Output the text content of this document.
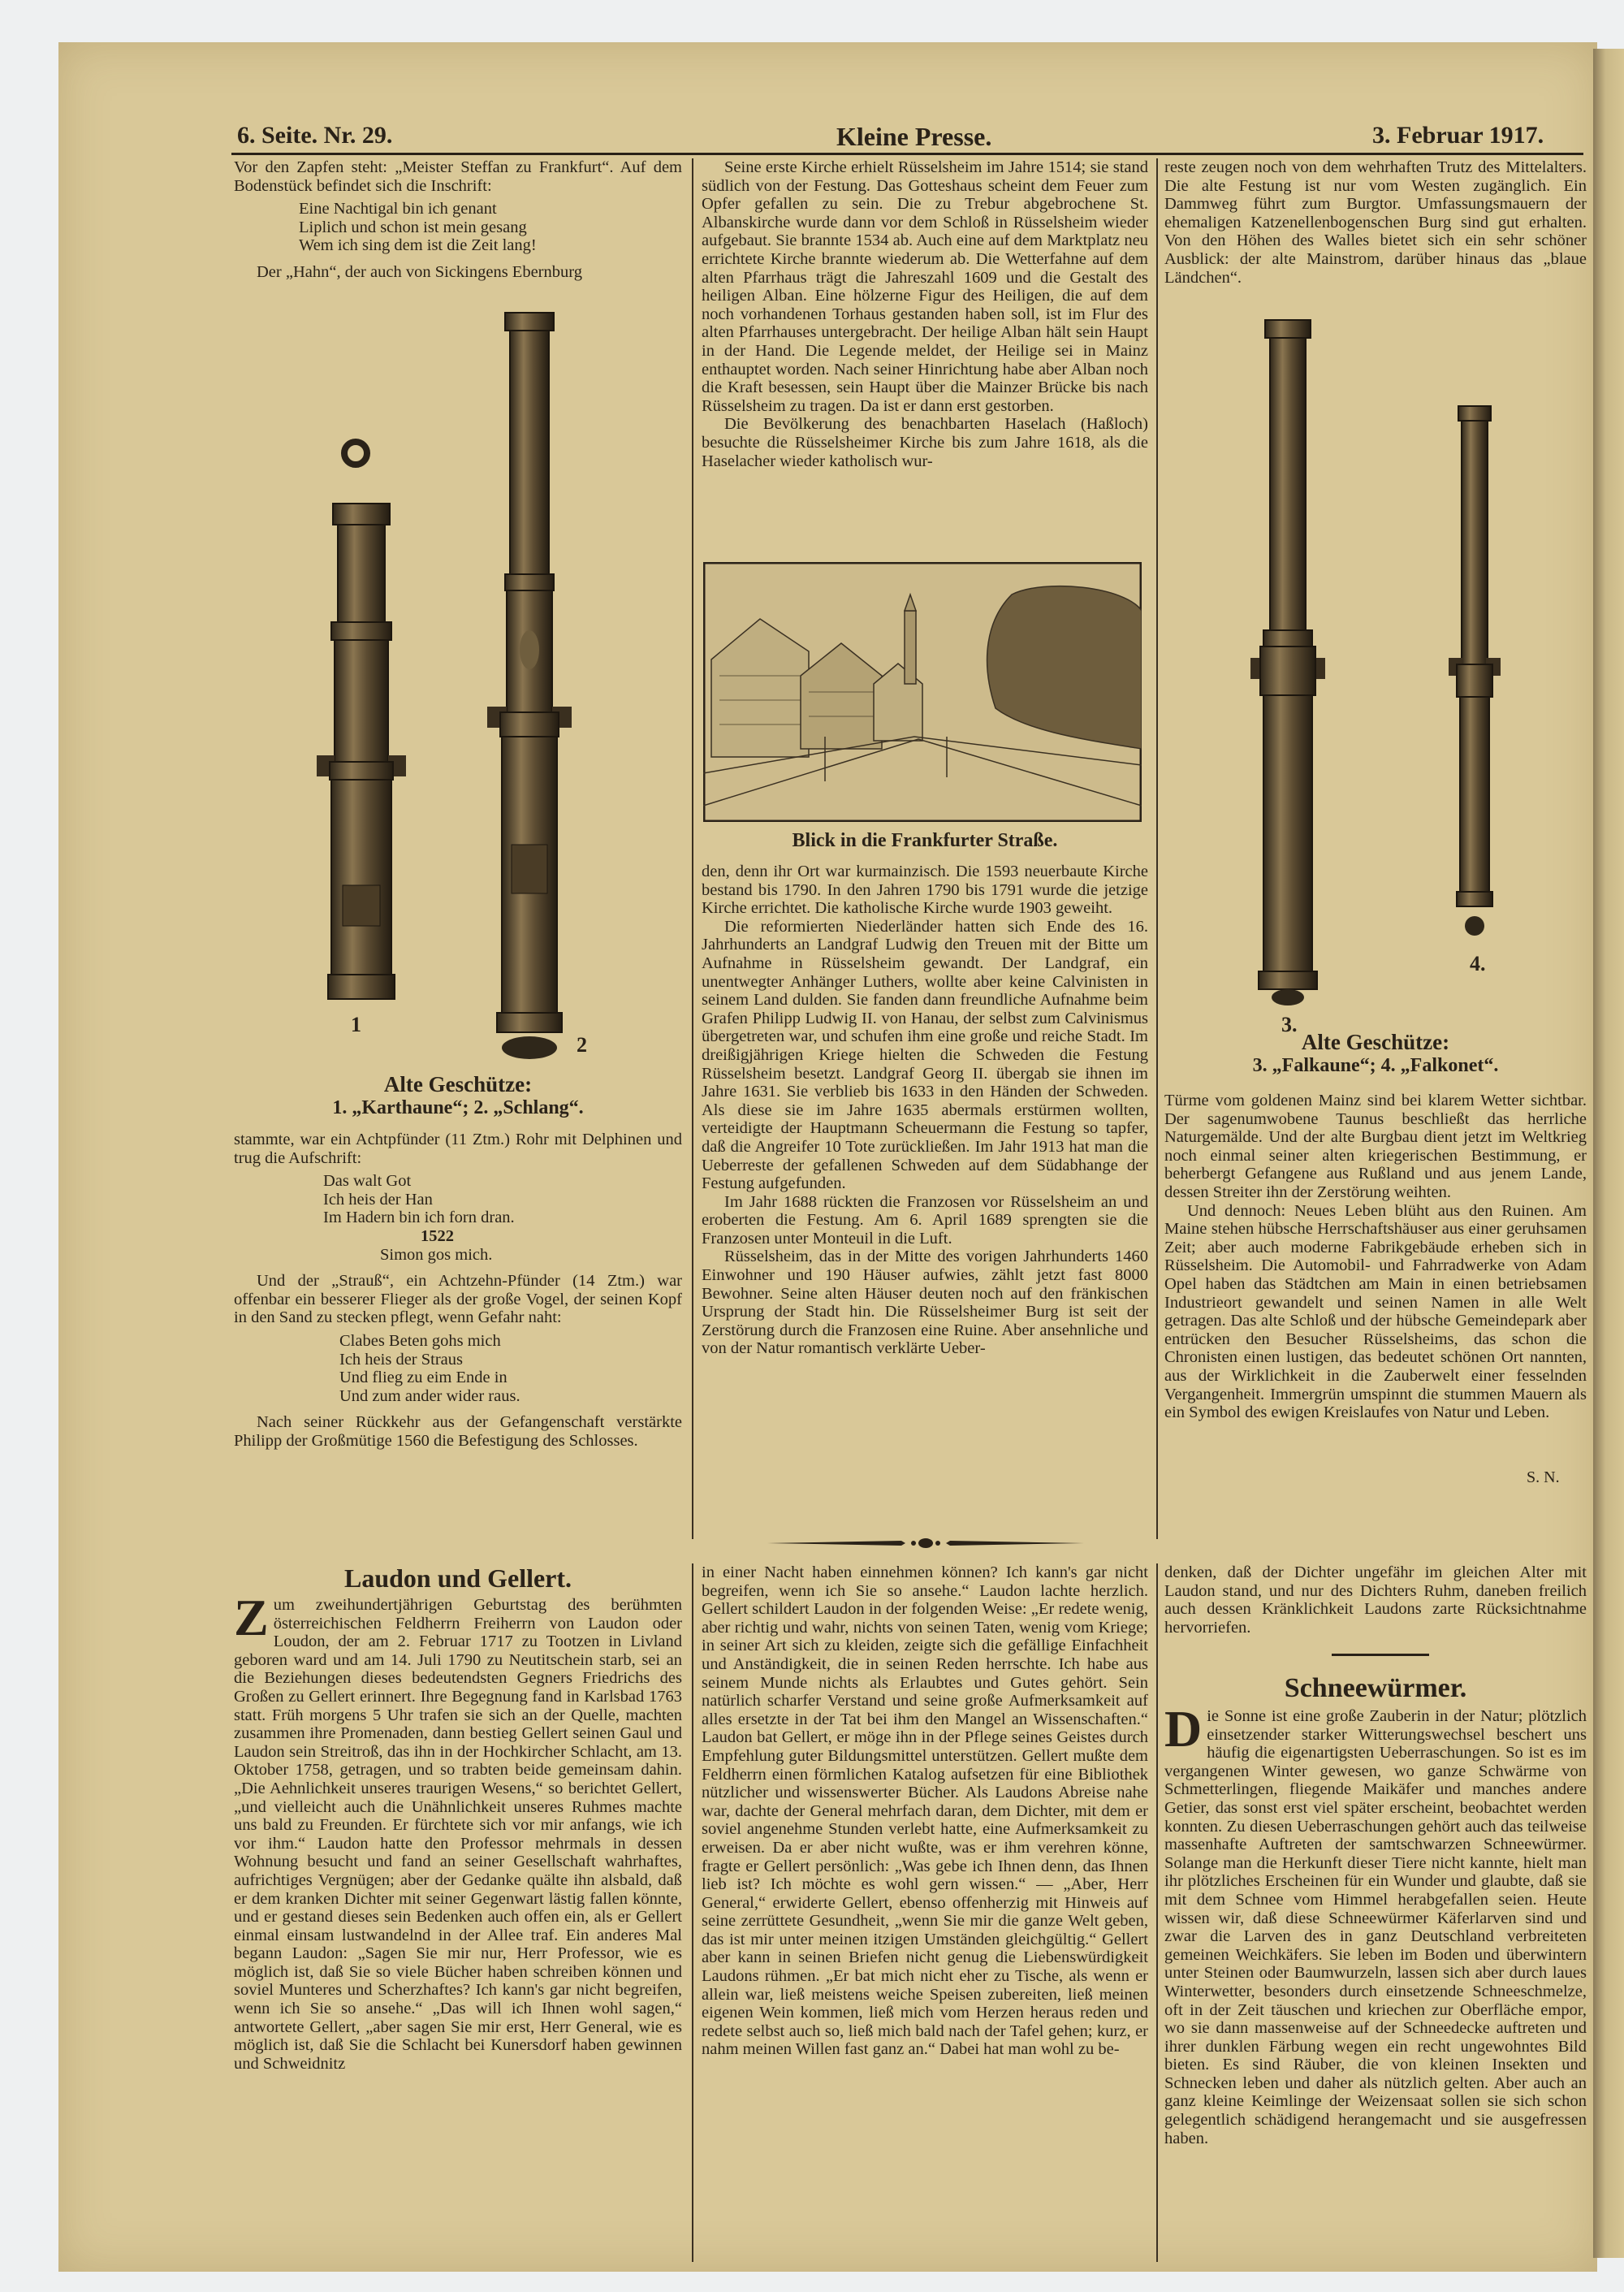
6. Seite. Nr. 29.	Kleine Presse.	3. Februar 1917.

Vor den Zapfen steht: „Meister Steffan zu Frankfurt“. Auf dem Bodenstück befindet sich die Inschrift:

Eine Nachtigal bin ich genant
Liplich und schon ist mein gesang
Wem ich sing dem ist die Zeit lang!

Der „Hahn“, der auch von Sickingens Ebernburg

1
2
Alte Geschütze:
1. „Karthaune“; 2. „Schlang“.

stammte, war ein Achtpfünder (11 Ztm.) Rohr mit Delphinen und trug die Aufschrift:

Das walt Got
Ich heis der Han
Im Hadern bin ich forn dran.
1522
Simon gos mich.

Und der „Strauß“, ein Achtzehn-Pfünder (14 Ztm.) war offenbar ein besserer Flieger als der große Vogel, der seinen Kopf in den Sand zu stecken pflegt, wenn Gefahr naht:

Clabes Beten gohs mich
Ich heis der Straus
Und flieg zu eim Ende in
Und zum ander wider raus.

Nach seiner Rückkehr aus der Gefangenschaft verstärkte Philipp der Großmütige 1560 die Befestigung des Schlosses.

Seine erste Kirche erhielt Rüsselsheim im Jahre 1514; sie stand südlich von der Festung. Das Gotteshaus scheint dem Feuer zum Opfer gefallen zu sein. Die zu Trebur abgebrochene St. Albanskirche wurde dann vor dem Schloß in Rüsselsheim wieder aufgebaut. Sie brannte 1534 ab. Auch eine auf dem Marktplatz neu errichtete Kirche brannte wiederum ab. Die Wetterfahne auf dem alten Pfarrhaus trägt die Jahreszahl 1609 und die Gestalt des heiligen Alban. Eine hölzerne Figur des Heiligen, die auf dem noch vorhandenen Torhaus gestanden haben soll, ist im Flur des alten Pfarrhauses untergebracht. Der heilige Alban hält sein Haupt in der Hand. Die Legende meldet, der Heilige sei in Mainz enthauptet worden. Nach seiner Hinrichtung habe aber Alban noch die Kraft besessen, sein Haupt über die Mainzer Brücke bis nach Rüsselsheim zu tragen. Da ist er dann erst gestorben.

Die Bevölkerung des benachbarten Haselach (Haßloch) besuchte die Rüsselsheimer Kirche bis zum Jahre 1618, als die Haselacher wieder katholisch wur-

Blick in die Frankfurter Straße.

den, denn ihr Ort war kurmainzisch. Die 1593 neuerbaute Kirche bestand bis 1790. In den Jahren 1790 bis 1791 wurde die jetzige Kirche errichtet. Die katholische Kirche wurde 1903 geweiht.

Die reformierten Niederländer hatten sich Ende des 16. Jahrhunderts an Landgraf Ludwig den Treuen mit der Bitte um Aufnahme in Rüsselsheim gewandt. Der Landgraf, ein unentwegter Anhänger Luthers, wollte aber keine Calvinisten in seinem Land dulden. Sie fanden dann freundliche Aufnahme beim Grafen Philipp Ludwig II. von Hanau, der selbst zum Calvinismus übergetreten war, und schufen ihm eine große und reiche Stadt. Im dreißigjährigen Kriege hielten die Schweden die Festung Rüsselsheim besetzt. Landgraf Georg II. übergab sie ihnen im Jahre 1631. Sie verblieb bis 1633 in den Händen der Schweden. Als diese sie im Jahre 1635 abermals erstürmen wollten, verteidigte der Hauptmann Scheuermann die Festung so tapfer, daß die Angreifer 10 Tote zurückließen. Im Jahr 1913 hat man die Ueberreste der gefallenen Schweden auf dem Südabhange der Festung aufgefunden.

Im Jahr 1688 rückten die Franzosen vor Rüsselsheim an und eroberten die Festung. Am 6. April 1689 sprengten sie die Franzosen unter Monteuil in die Luft.

Rüsselsheim, das in der Mitte des vorigen Jahrhunderts 1460 Einwohner und 190 Häuser aufwies, zählt jetzt fast 8000 Bewohner. Seine alten Häuser deuten noch auf den fränkischen Ursprung der Stadt hin. Die Rüsselsheimer Burg ist seit der Zerstörung durch die Franzosen eine Ruine. Aber ansehnliche und von der Natur romantisch verklärte Ueber-

reste zeugen noch von dem wehrhaften Trutz des Mittelalters. Die alte Festung ist nur vom Westen zugänglich. Ein Dammweg führt zum Burgtor. Umfassungsmauern der ehemaligen Katzenellenbogenschen Burg sind gut erhalten. Von den Höhen des Walles bietet sich ein sehr schöner Ausblick: der alte Mainstrom, darüber hinaus das „blaue Ländchen“.

3.
4.
Alte Geschütze:
3. „Falkaune“; 4. „Falkonet“.

Türme vom goldenen Mainz sind bei klarem Wetter sichtbar. Der sagenumwobene Taunus beschließt das herrliche Naturgemälde. Und der alte Burgbau dient jetzt im Weltkrieg noch einmal seiner alten kriegerischen Bestimmung, er beherbergt Gefangene aus Rußland und aus jenem Lande, dessen Streiter ihn der Zerstörung weihten.

Und dennoch: Neues Leben blüht aus den Ruinen. Am Maine stehen hübsche Herrschaftshäuser aus einer geruhsamen Zeit; aber auch moderne Fabrikgebäude erheben sich in Rüsselsheim. Die Automobil- und Fahrradwerke von Adam Opel haben das Städtchen am Main in einen betriebsamen Industrieort gewandelt und seinen Namen in alle Welt getragen. Das alte Schloß und der hübsche Gemeindepark aber entrücken den Besucher Rüsselsheims, das schon die Chronisten einen lustigen, das bedeutet schönen Ort nannten, aus der Wirklichkeit in die Zauberwelt einer fesselnden Vergangenheit. Immergrün umspinnt die stummen Mauern als ein Symbol des ewigen Kreislaufes von Natur und Leben.

S. N.
Laudon und Gellert.

Zum zweihundertjährigen Geburtstag des berühmten österreichischen Feldherrn Freiherrn von Laudon oder Loudon, der am 2. Februar 1717 zu Tootzen in Livland geboren ward und am 14. Juli 1790 zu Neutitschein starb, sei an die Beziehungen dieses bedeutendsten Gegners Friedrichs des Großen zu Gellert erinnert. Ihre Begegnung fand in Karlsbad 1763 statt. Früh morgens 5 Uhr trafen sie sich an der Quelle, machten zusammen ihre Promenaden, dann bestieg Gellert seinen Gaul und Laudon sein Streitroß, das ihn in der Hochkircher Schlacht, am 13. Oktober 1758, getragen, und so trabten beide gemeinsam dahin. „Die Aehnlichkeit unseres traurigen Wesens,“ so berichtet Gellert, „und vielleicht auch die Unähnlichkeit unseres Ruhmes machte uns bald zu Freunden. Er fürchtete sich vor mir anfangs, wie ich vor ihm.“ Laudon hatte den Professor mehrmals in dessen Wohnung besucht und fand an seiner Gesellschaft wahrhaftes, aufrichtiges Vergnügen; aber der Gedanke quälte ihn alsbald, daß er dem kranken Dichter mit seiner Gegenwart lästig fallen könnte, und er gestand dieses sein Bedenken auch offen ein, als er Gellert einmal einsam lustwandelnd in der Allee traf. Ein anderes Mal begann Laudon: „Sagen Sie mir nur, Herr Professor, wie es möglich ist, daß Sie so viele Bücher haben schreiben können und soviel Munteres und Scherzhaftes? Ich kann's gar nicht begreifen, wenn ich Sie so ansehe.“ „Das will ich Ihnen wohl sagen,“ antwortete Gellert, „aber sagen Sie mir erst, Herr General, wie es möglich ist, daß Sie die Schlacht bei Kunersdorf haben gewinnen und Schweidnitz

in einer Nacht haben einnehmen können? Ich kann's gar nicht begreifen, wenn ich Sie so ansehe.“ Laudon lachte herzlich. Gellert schildert Laudon in der folgenden Weise: „Er redete wenig, aber richtig und wahr, nichts von seinen Taten, wenig vom Kriege; in seiner Art sich zu kleiden, zeigte sich die gefällige Einfachheit und Anständigkeit, die in seinen Reden herrschte. Ich habe aus seinem Munde nichts als Erlaubtes und Gutes gehört. Sein natürlich scharfer Verstand und seine große Aufmerksamkeit auf alles ersetzte in der Tat bei ihm den Mangel an Wissenschaften.“ Laudon bat Gellert, er möge ihn in der Pflege seines Geistes durch Empfehlung guter Bildungsmittel unterstützen. Gellert mußte dem Feldherrn einen förmlichen Katalog aufsetzen für eine Bibliothek nützlicher und wissenswerter Bücher. Als Laudons Abreise nahe war, dachte der General mehrfach daran, dem Dichter, mit dem er soviel angenehme Stunden verlebt hatte, eine Aufmerksamkeit zu erweisen. Da er aber nicht wußte, was er ihm verehren könne, fragte er Gellert persönlich: „Was gebe ich Ihnen denn, das Ihnen lieb ist? Ich möchte es wohl gern wissen.“ — „Aber, Herr General,“ erwiderte Gellert, ebenso offenherzig mit Hinweis auf seine zerrüttete Gesundheit, „wenn Sie mir die ganze Welt geben, das ist mir unter meinen itzigen Umständen gleichgültig.“ Gellert aber kann in seinen Briefen nicht genug die Liebenswürdigkeit Laudons rühmen. „Er bat mich nicht eher zu Tische, als wenn er allein war, ließ meistens weiche Speisen zubereiten, ließ meinen eigenen Wein kommen, ließ mich vom Herzen heraus reden und redete selbst auch so, ließ mich bald nach der Tafel gehen; kurz, er nahm meinen Willen fast ganz an.“ Dabei hat man wohl zu be-

denken, daß der Dichter ungefähr im gleichen Alter mit Laudon stand, und nur des Dichters Ruhm, daneben freilich auch dessen Kränklichkeit Laudons zarte Rücksichtnahme hervorriefen.

Schneewürmer.

Die Sonne ist eine große Zauberin in der Natur; plötzlich einsetzender starker Witterungswechsel beschert uns häufig die eigenartigsten Ueberraschungen. So ist es im vergangenen Winter gewesen, wo ganze Schwärme von Schmetterlingen, fliegende Maikäfer und manches andere Getier, das sonst erst viel später erscheint, beobachtet werden konnten. Zu diesen Ueberraschungen gehört auch das teilweise massenhafte Auftreten der samtschwarzen Schneewürmer. Solange man die Herkunft dieser Tiere nicht kannte, hielt man ihr plötzliches Erscheinen für ein Wunder und glaubte, daß sie mit dem Schnee vom Himmel herabgefallen seien. Heute wissen wir, daß diese Schneewürmer Käferlarven sind und zwar die Larven des in ganz Deutschland verbreiteten gemeinen Weichkäfers. Sie leben im Boden und überwintern unter Steinen oder Baumwurzeln, lassen sich aber durch laues Winterwetter, besonders durch einsetzende Schneeschmelze, oft in der Zeit täuschen und kriechen zur Oberfläche empor, wo sie dann massenweise auf der Schneedecke auftreten und ihrer dunklen Färbung wegen ein recht ungewohntes Bild bieten. Es sind Räuber, die von kleinen Insekten und Schnecken leben und daher als nützlich gelten. Aber auch an ganz kleine Keimlinge der Weizensaat sollen sie sich schon gelegentlich schädigend herangemacht und sie ausgefressen haben.
